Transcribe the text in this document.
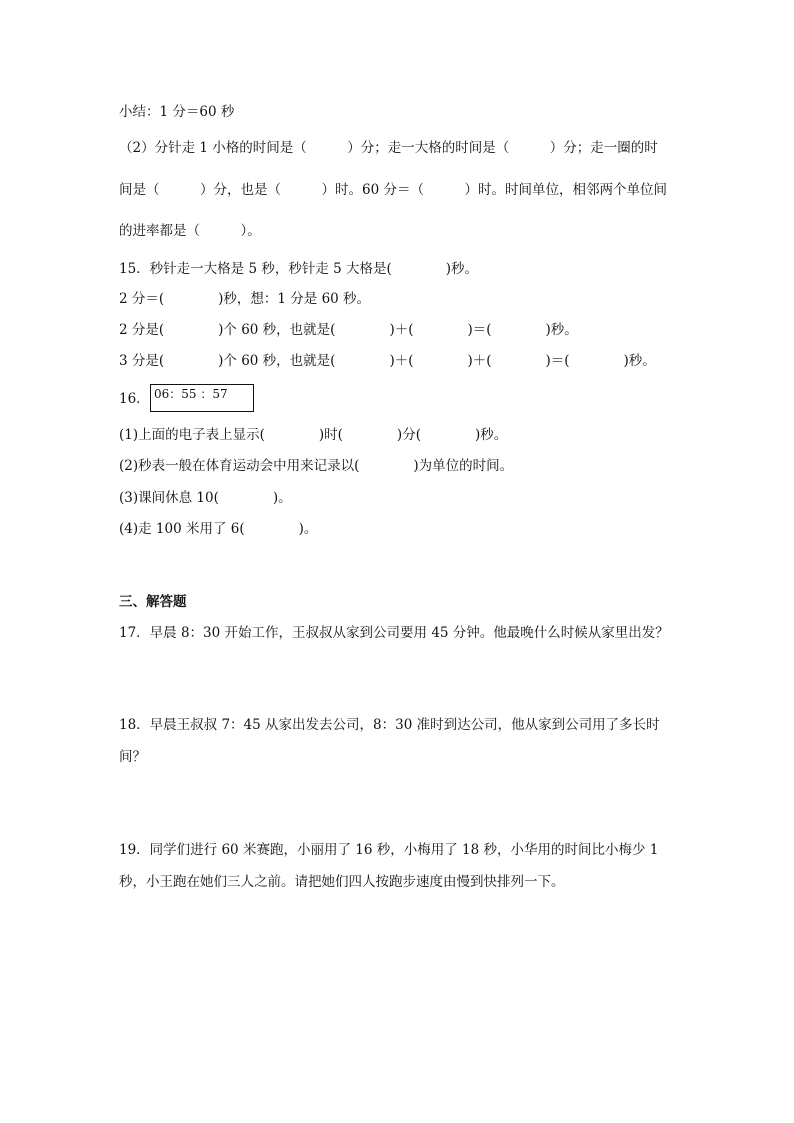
小结：1 分＝60 秒
（2）分针走 1 小格的时间是（　　　）分；走一大格的时间是（　　　）分；走一圈的时
间是（　　　）分，也是（　　　）时。60 分＝（　　　）时。时间单位，相邻两个单位间
的进率都是（　　　）。
15．秒针走一大格是 5 秒，秒针走 5 大格是(　　　　)秒。
2 分＝(　　　　)秒，想：1 分是 60 秒。
2 分是(　　　　)个 60 秒，也就是(　　　　)＋(　　　　)＝(　　　　)秒。
3 分是(　　　　)个 60 秒，也就是(　　　　)＋(　　　　)＋(　　　　)＝(　　　　)秒。
16． 06：55 ：57
(1)上面的电子表上显示(　　　　)时(　　　　)分(　　　　)秒。
(2)秒表一般在体育运动会中用来记录以(　　　　)为单位的时间。
(3)课间休息 10(　　　　)。
(4)走 100 米用了 6(　　　　)。
三、解答题
17．早晨 8：30 开始工作，王叔叔从家到公司要用 45 分钟。他最晚什么时候从家里出发？
18．早晨王叔叔 7：45 从家出发去公司，8：30 准时到达公司，他从家到公司用了多长时
间？
19．同学们进行 60 米赛跑，小丽用了 16 秒，小梅用了 18 秒，小华用的时间比小梅少 1
秒，小王跑在她们三人之前。请把她们四人按跑步速度由慢到快排列一下。
